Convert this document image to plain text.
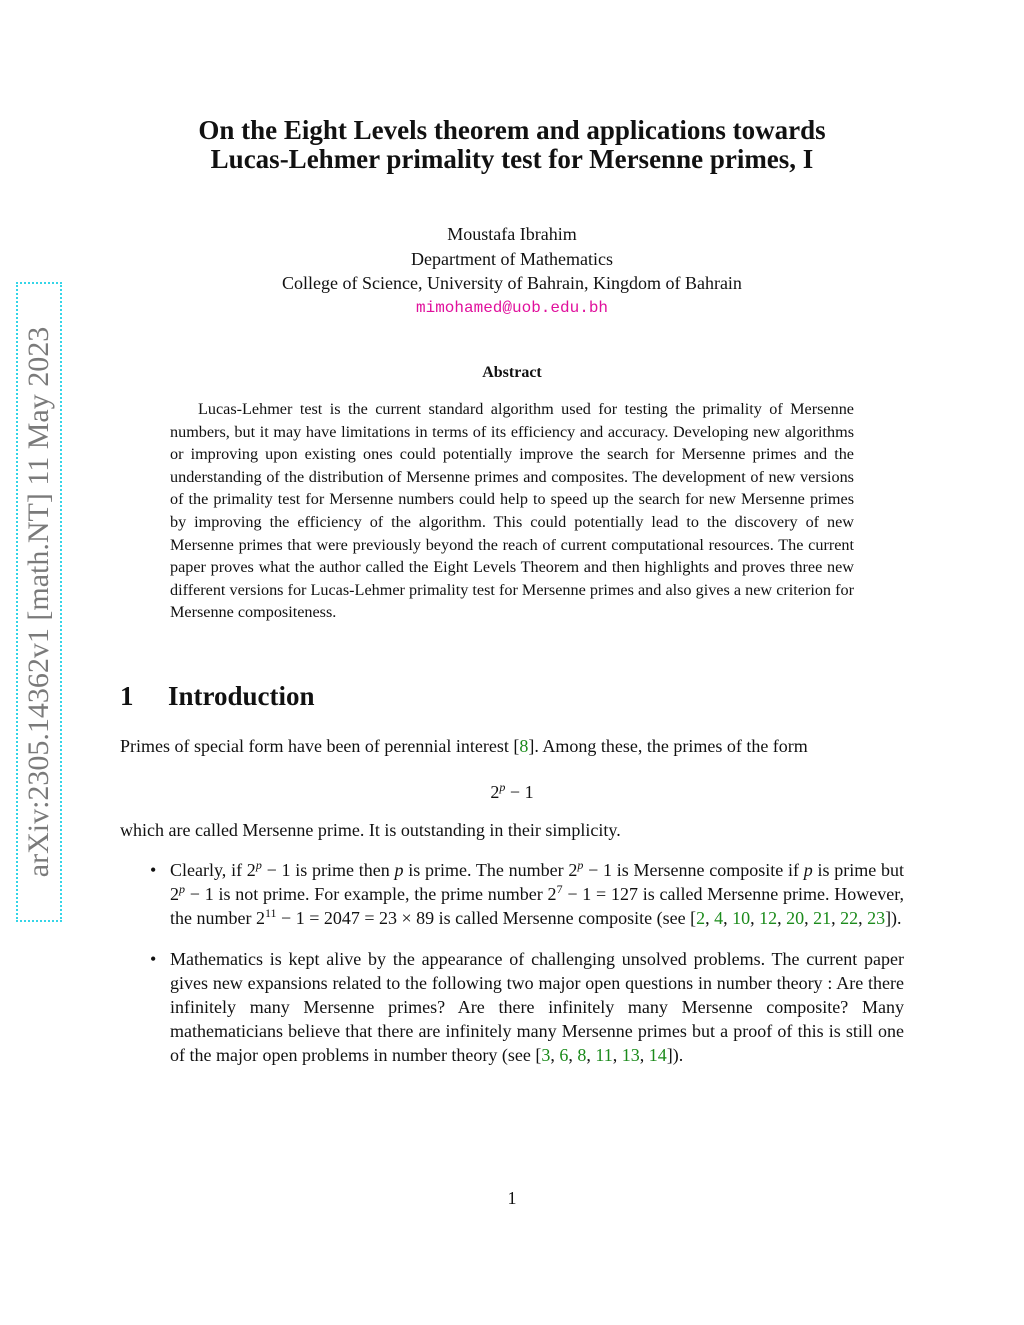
arXiv:2305.14362v1 [math.NT] 11 May 2023
On the Eight Levels theorem and applications towards
Lucas-Lehmer primality test for Mersenne primes, I
Moustafa Ibrahim
Department of Mathematics
College of Science, University of Bahrain, Kingdom of Bahrain
mimohamed@uob.edu.bh
Abstract

Lucas-Lehmer test is the current standard algorithm used for testing the primality of Mersenne numbers, but it may have limitations in terms of its efficiency and accuracy. Developing new algorithms or improving upon existing ones could potentially improve the search for Mersenne primes and the understanding of the distribution of Mersenne primes and composites. The development of new versions of the primality test for Mersenne numbers could help to speed up the search for new Mersenne primes by improving the efficiency of the algorithm. This could potentially lead to the discovery of new Mersenne primes that were previously beyond the reach of current computational resources. The current paper proves what the author called the Eight Levels Theorem and then highlights and proves three new different versions for Lucas-Lehmer primality test for Mersenne primes and also gives a new criterion for Mersenne compositeness.

1 Introduction
Primes of special form have been of perennial interest [8]. Among these, the primes of the form
$2^p - 1$
which are called Mersenne prime. It is outstanding in their simplicity.
• Clearly, if $2^p - 1$ is prime then p is prime. The number $2^p - 1$ is Mersenne composite if p is prime but $2^p - 1$ is not prime. For example, the prime number $2^7 - 1 = 127$ is called Mersenne prime. However, the number $2^{11} - 1 = 2047 = 23 \times 89$ is called Mersenne composite (see [2, 4, 10, 12, 20, 21, 22, 23]).
• Mathematics is kept alive by the appearance of challenging unsolved problems. The current paper gives new expansions related to the following two major open questions in number theory : Are there infinitely many Mersenne primes? Are there infinitely many Mersenne composite? Many mathematicians believe that there are infinitely many Mersenne primes but a proof of this is still one of the major open problems in number theory (see [3, 6, 8, 11, 13, 14]).
1
